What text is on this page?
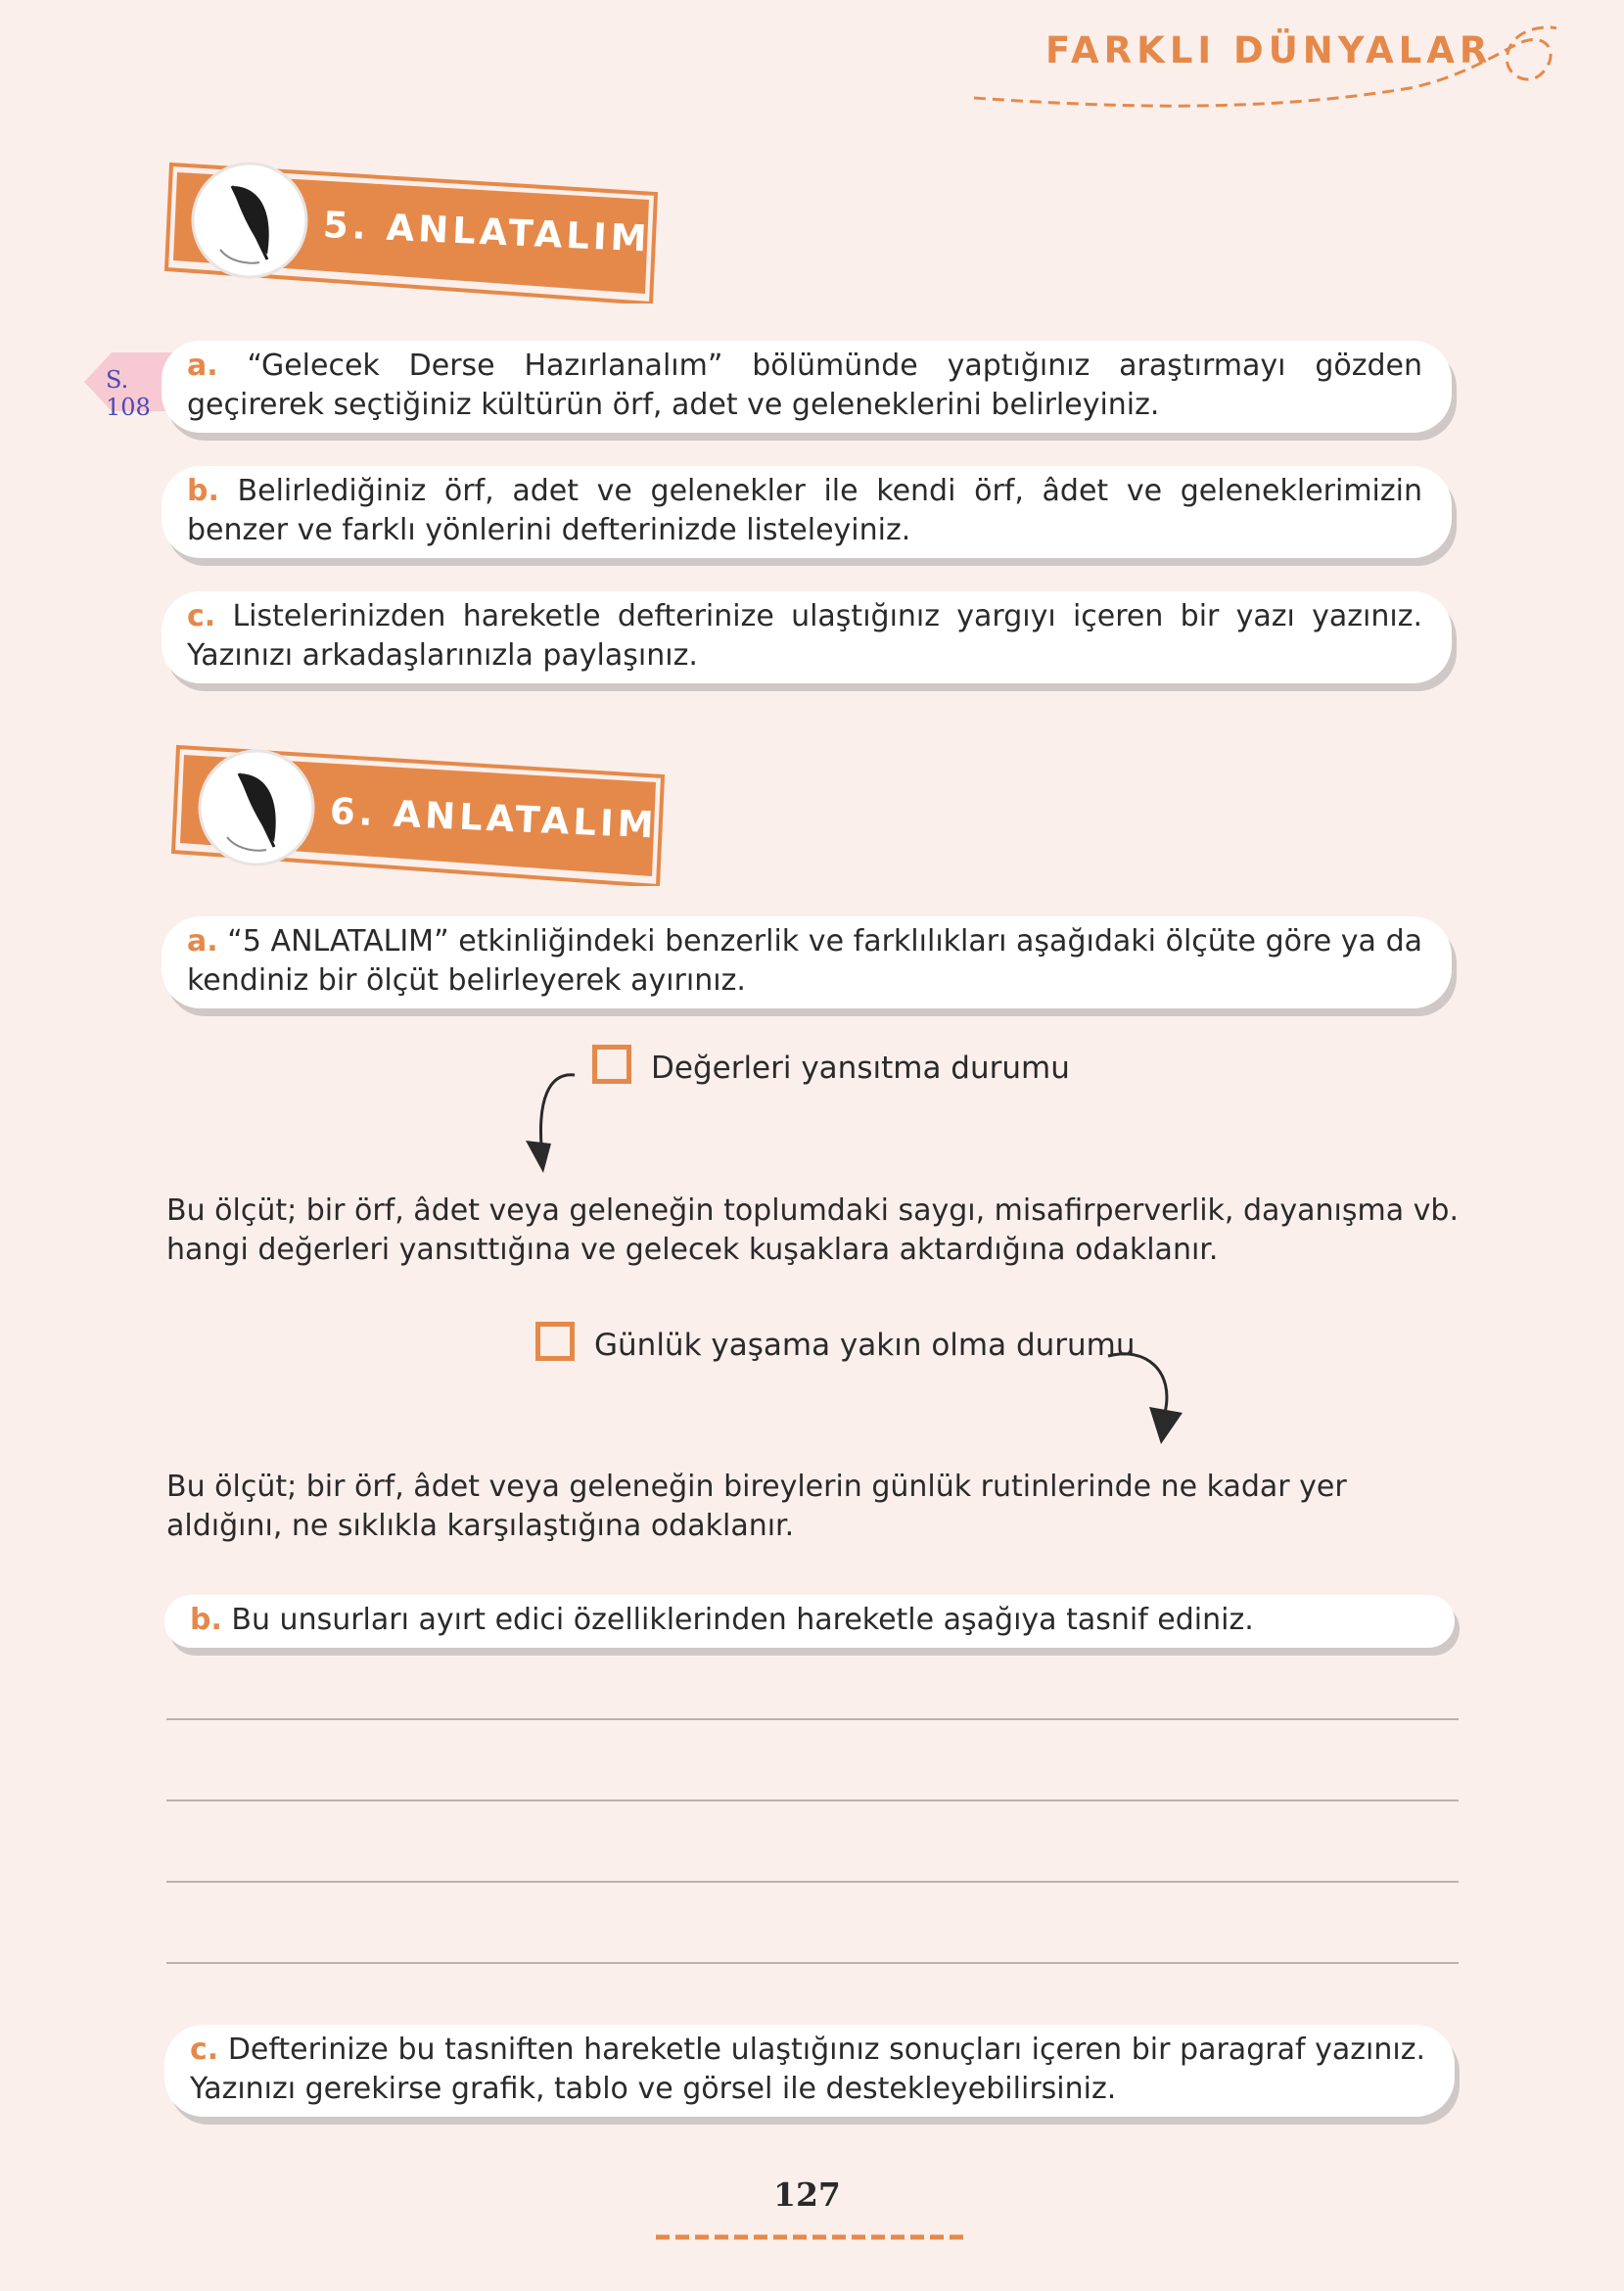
FARKLI DÜNYALAR
5. ANLATALIM
S. 108
a. “Gelecek Derse Hazırlanalım” bölümünde yaptığınız araştırmayı gözden geçirerek seçtiğiniz kültürün örf, adet ve geleneklerini belirleyiniz.
b. Belirlediğiniz örf, adet ve gelenekler ile kendi örf, âdet ve geleneklerimizin benzer ve farklı yönlerini defterinizde listeleyiniz.
c. Listelerinizden hareketle defterinize ulaştığınız yargıyı içeren bir yazı yazınız. Yazınızı arkadaşlarınızla paylaşınız.
6. ANLATALIM
a. “5 ANLATALIM” etkinliğindeki benzerlik ve farklılıkları aşağıdaki ölçüte göre ya da kendiniz bir ölçüt belirleyerek ayırınız.
Değerleri yansıtma durumu
Bu ölçüt; bir örf, âdet veya geleneğin toplumdaki saygı, misafirperverlik, dayanışma vb. hangi değerleri yansıttığına ve gelecek kuşaklara aktardığına odaklanır.
Günlük yaşama yakın olma durumu
Bu ölçüt; bir örf, âdet veya geleneğin bireylerin günlük rutinlerinde ne kadar yer aldığını, ne sıklıkla karşılaştığına odaklanır.
b. Bu unsurları ayırt edici özelliklerinden hareketle aşağıya tasnif ediniz.
c. Defterinize bu tasniften hareketle ulaştığınız sonuçları içeren bir paragraf yazınız. Yazınızı gerekirse grafik, tablo ve görsel ile destekleyebilirsiniz.
127
